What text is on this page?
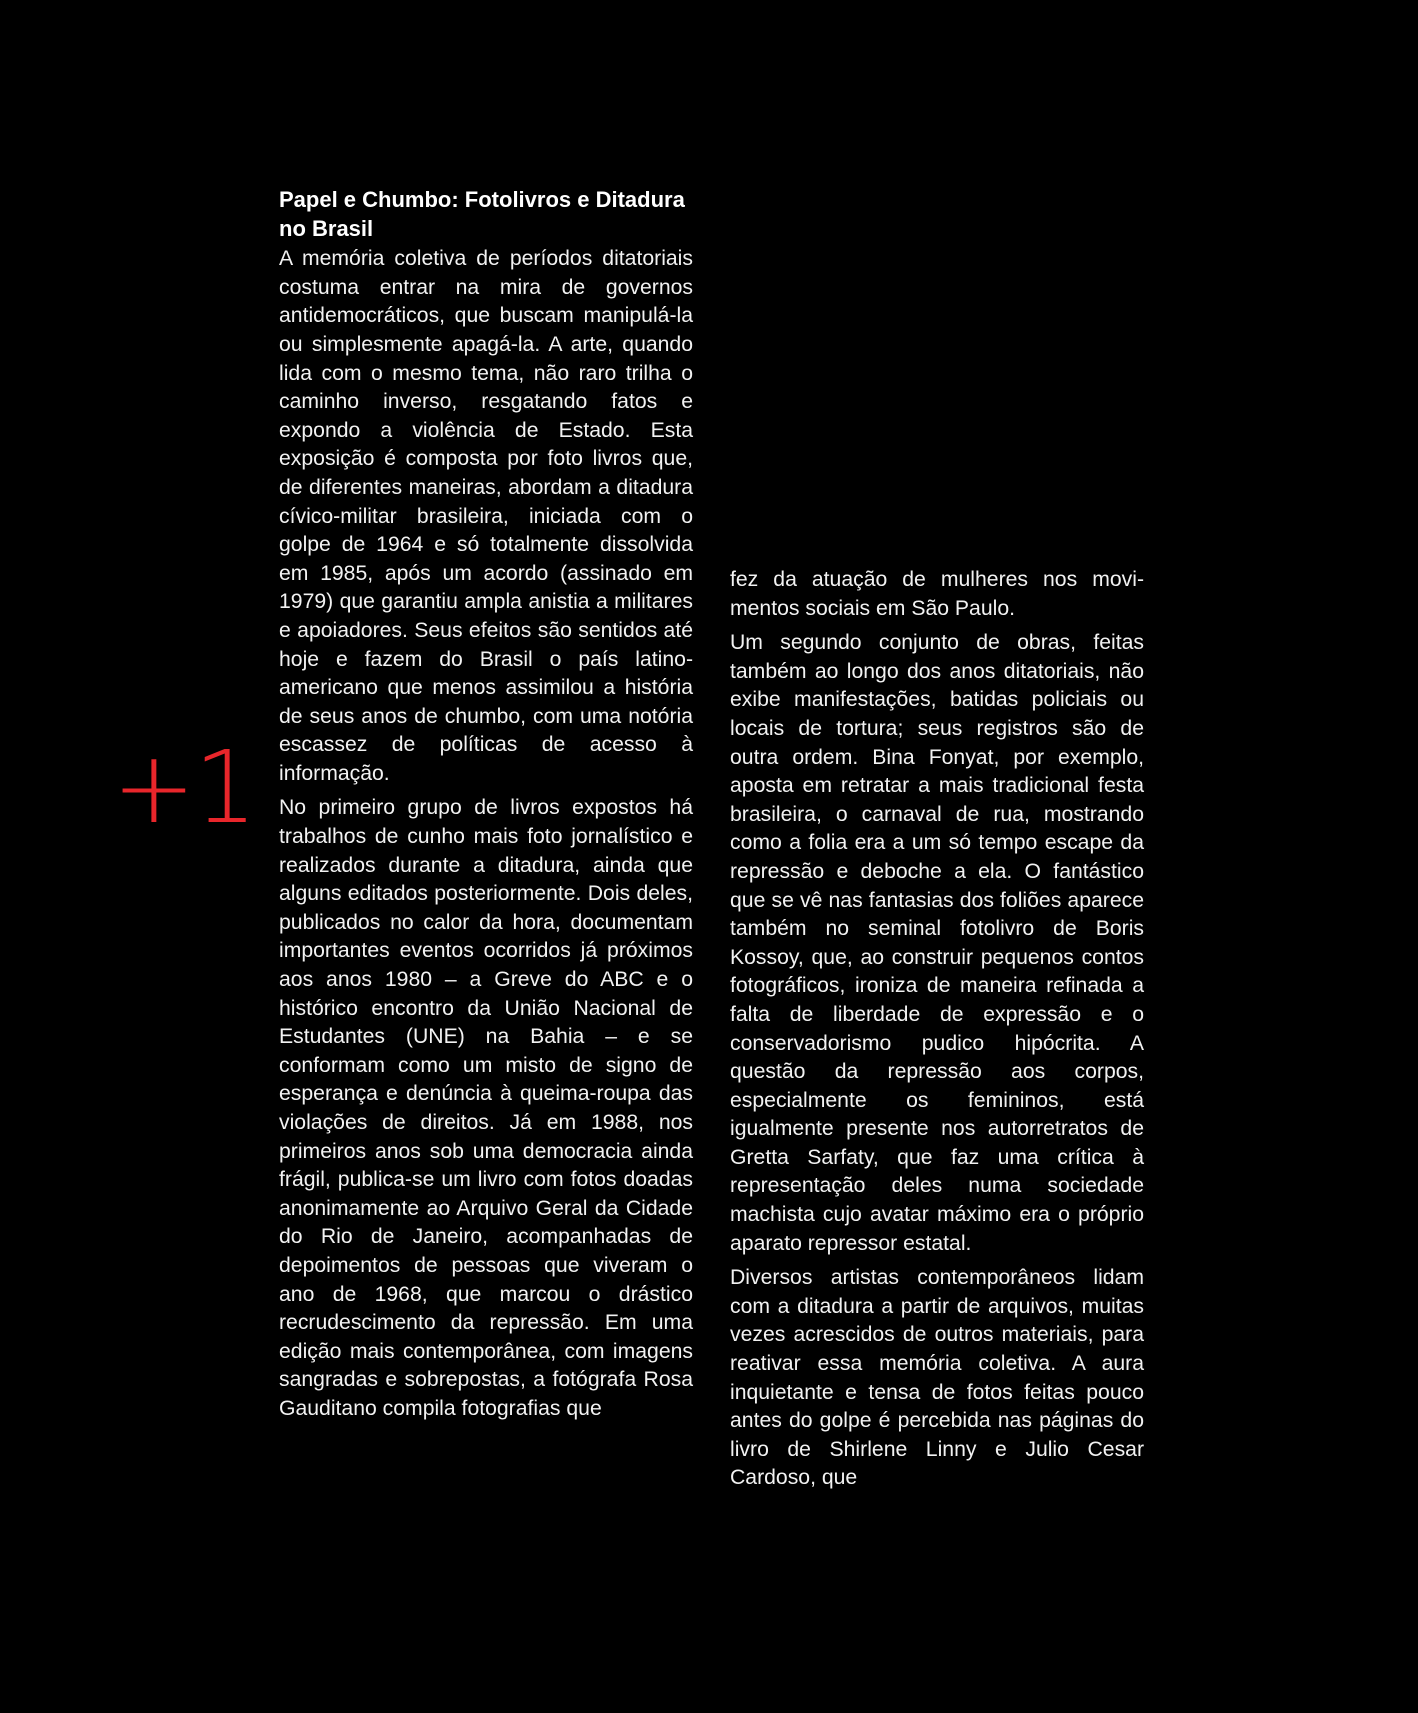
+1
Papel e Chumbo: Fotolivros e Ditadura no Brasil

A memória coletiva de períodos ditatoriais costuma entrar na mira de governos antidemocráticos, que buscam manipulá-la ou simplesmente apagá-la. A arte, quando lida com o mesmo tema, não raro trilha o caminho inverso, resgatando fatos e expondo a violência de Estado. Esta exposição é composta por foto livros que, de diferentes maneiras, abordam a ditadura cívico-militar brasileira, iniciada com o golpe de 1964 e só totalmente dissolvida em 1985, após um acordo (assinado em 1979) que garantiu ampla anistia a militares e apoiadores. Seus efeitos são sentidos até hoje e fazem do Brasil o país latino-americano que menos assimilou a história de seus anos de chumbo, com uma notória escassez de políticas de acesso à informação.

No primeiro grupo de livros expostos há trabalhos de cunho mais foto jornalístico e realizados durante a ditadura, ainda que alguns editados posteriormente. Dois deles, publicados no calor da hora, documentam importantes eventos ocorridos já próximos aos anos 1980 – a Greve do ABC e o histórico encontro da União Nacional de Estudantes (UNE) na Bahia – e se conformam como um misto de signo de esperança e denúncia à queima-roupa das violações de direitos. Já em 1988, nos primeiros anos sob uma democracia ainda frágil, publica-se um livro com fotos doadas anonimamente ao Arquivo Geral da Cidade do Rio de Janeiro, acompanhadas de depoimentos de pessoas que viveram o ano de 1968, que marcou o drástico recrudescimento da repressão. Em uma edição mais contemporânea, com imagens sangradas e sobrepostas, a fotógrafa Rosa Gauditano compila fotografias que

fez da atuação de mulheres nos movimentos sociais em São Paulo.

Um segundo conjunto de obras, feitas também ao longo dos anos ditatoriais, não exibe manifestações, batidas policiais ou locais de tortura; seus registros são de outra ordem. Bina Fonyat, por exemplo, aposta em retratar a mais tradicional festa brasileira, o carnaval de rua, mostrando como a folia era a um só tempo escape da repressão e deboche a ela. O fantástico que se vê nas fantasias dos foliões aparece também no seminal fotolivro de Boris Kossoy, que, ao construir pequenos contos fotográficos, ironiza de maneira refinada a falta de liberdade de expressão e o conservadorismo pudico hipócrita. A questão da repressão aos corpos, especialmente os femininos, está igualmente presente nos autorretratos de Gretta Sarfaty, que faz uma crítica à representação deles numa sociedade machista cujo avatar máximo era o próprio aparato repressor estatal.

Diversos artistas contemporâneos lidam com a ditadura a partir de arquivos, muitas vezes acrescidos de outros materiais, para reativar essa memória coletiva. A aura inquietante e tensa de fotos feitas pouco antes do golpe é percebida nas páginas do livro de Shirlene Linny e Julio Cesar Cardoso, que
